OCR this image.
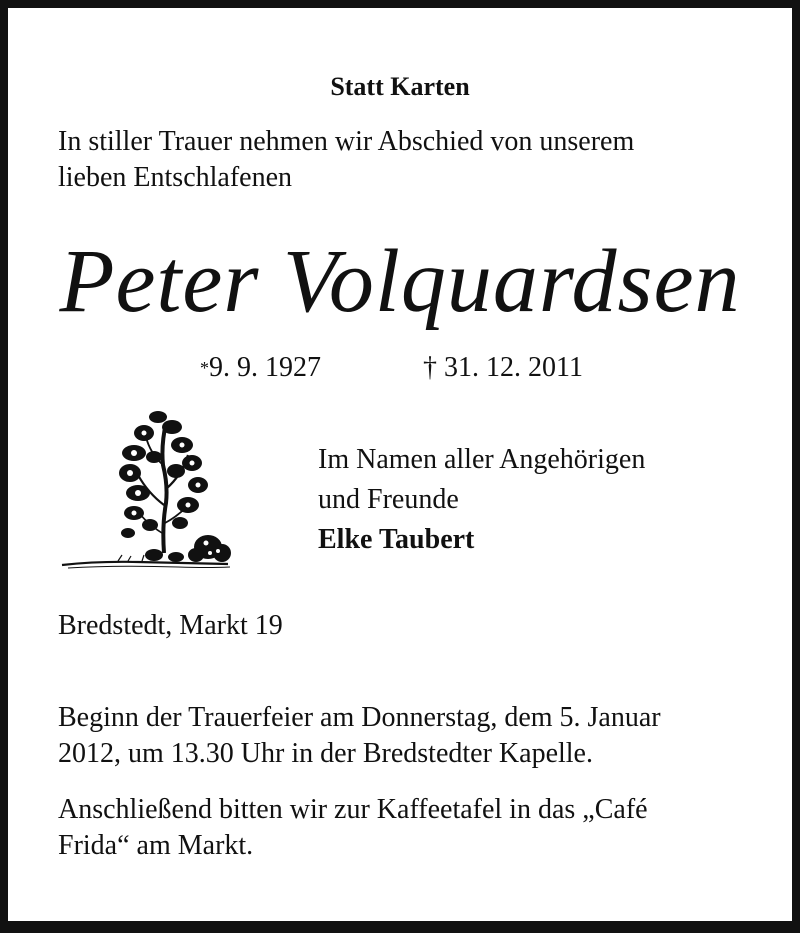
Statt Karten
In stiller Trauer nehmen wir Abschied von unserem
lieben Entschlafenen
Peter Volquardsen
*9. 9. 1927	† 31. 12. 2011
Im Namen aller Angehörigen
und Freunde
Elke Taubert
Bredstedt, Markt 19
Beginn der Trauerfeier am Donnerstag, dem 5. Januar
2012, um 13.30 Uhr in der Bredstedter Kapelle.
Anschließend bitten wir zur Kaffeetafel in das „Café
Frida“ am Markt.
